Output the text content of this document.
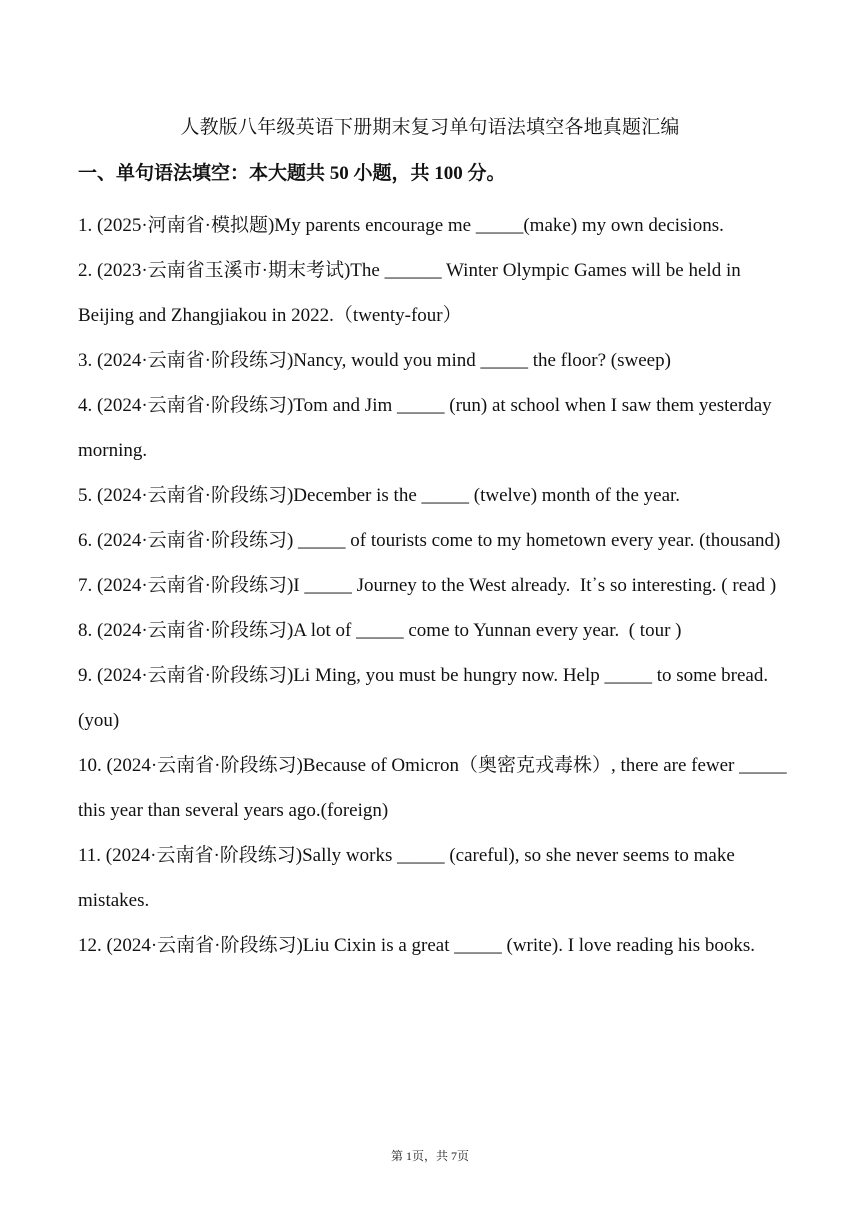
人教版八年级英语下册期末复习单句语法填空各地真题汇编
一、单句语法填空：本大题共 50 小题，共 100 分。
1. (2025·河南省·模拟题)My parents encourage me _____(make) my own decisions.
2. (2023·云南省玉溪市·期末考试)The ______ Winter Olympic Games will be held in Beijing and Zhangjiakou in 2022.（twenty-four）
3. (2024·云南省·阶段练习)Nancy, would you mind _____ the floor? (sweep)
4. (2024·云南省·阶段练习)Tom and Jim _____ (run) at school when I saw them yesterday morning.
5. (2024·云南省·阶段练习)December is the _____ (twelve) month of the year.
6. (2024·云南省·阶段练习) _____ of tourists come to my hometown every year. (thousand)
7. (2024·云南省·阶段练习)I _____ Journey to the West already.  It᾿s so interesting. ( read )
8. (2024·云南省·阶段练习)A lot of _____ come to Yunnan every year.  ( tour )
9. (2024·云南省·阶段练习)Li Ming, you must be hungry now. Help _____ to some bread. (you)
10. (2024·云南省·阶段练习)Because of Omicron（奥密克戎毒株）, there are fewer _____ this year than several years ago.(foreign)
11. (2024·云南省·阶段练习)Sally works _____ (careful), so she never seems to make mistakes.
12. (2024·云南省·阶段练习)Liu Cixin is a great _____ (write). I love reading his books.
第 1页，共 7页
